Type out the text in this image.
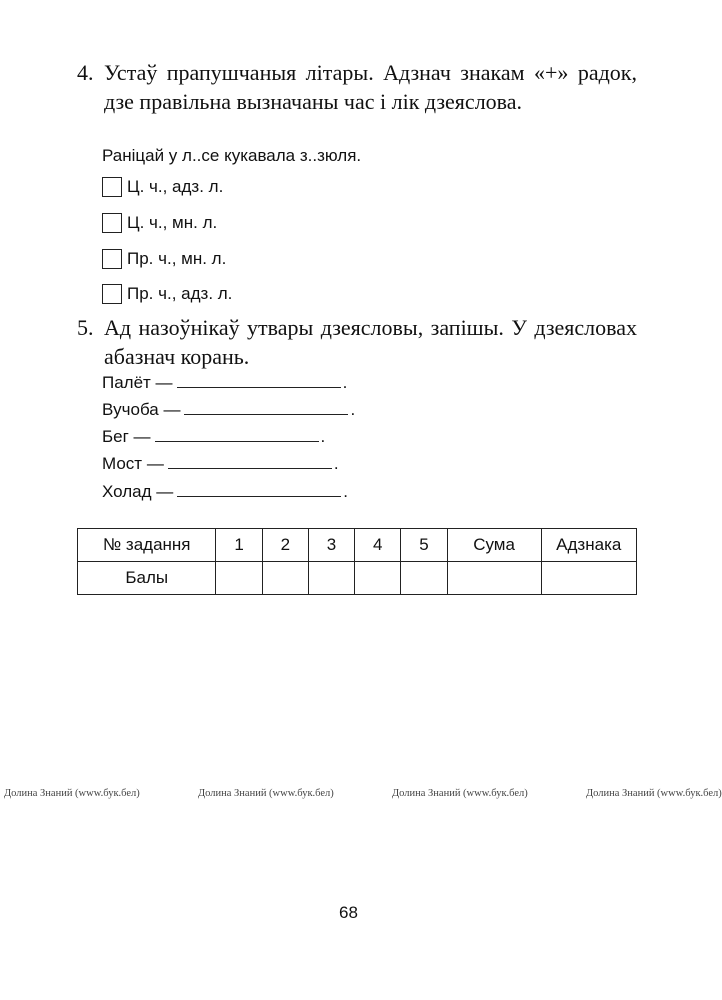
4. Устаў прапушчаныя літары. Адзнач знакам «+» радок, дзе правільна вызначаны час і лік дзеяслова.
Раніцай у л..се кукавала з..зюля.
Ц. ч., адз. л.
Ц. ч., мн. л.
Пр. ч., мн. л.
Пр. ч., адз. л.
5. Ад назоўнікаў утвары дзеясловы, запішы. У дзеясловах абазнач корань.
Палёт —	.
Вучоба —	.
Бег —	.
Мост —	.
Холад —	.
№ задання	1	2	3	4	5	Сума	Адзнака
Балы							
Долина Знаний (www.бук.бел)	Долина Знаний (www.бук.бел)	Долина Знаний (www.бук.бел)	Долина Знаний (www.бук.бел)
68
